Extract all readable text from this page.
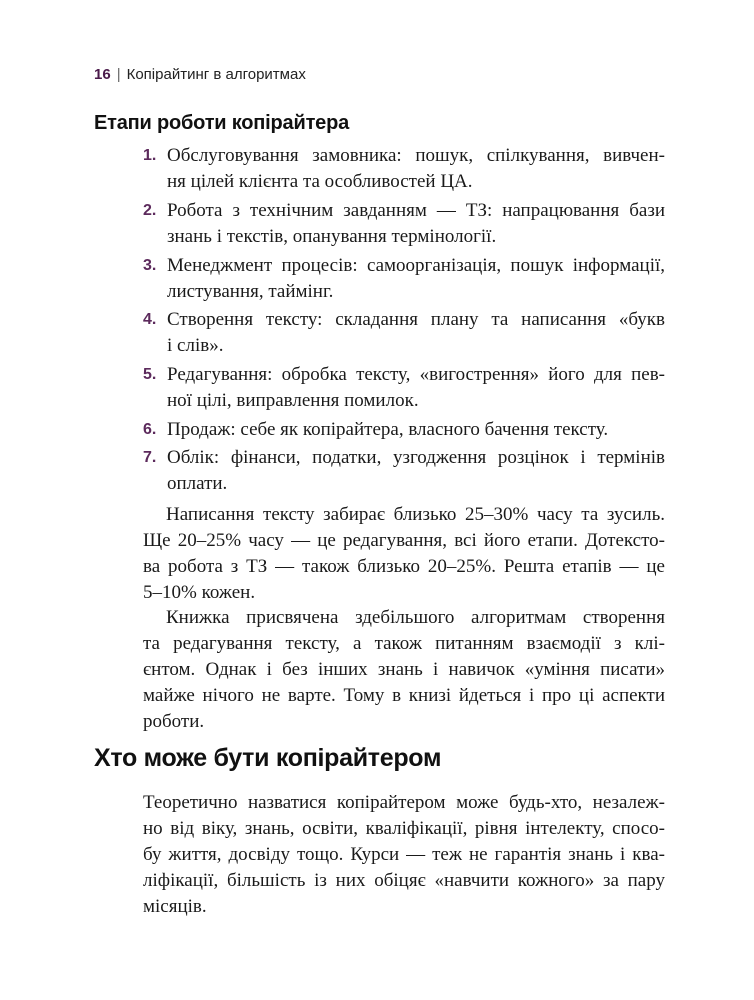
16 | Копірайтинг в алгоритмах
Етапи роботи копірайтера
1. Обслуговування замовника: пошук, спілкування, вивчен-
ня цілей клієнта та особливостей ЦА.
2. Робота з технічним завданням — ТЗ: напрацювання бази
знань і текстів, опанування термінології.
3. Менеджмент процесів: самоорганізація, пошук інформації,
листування, таймінг.
4. Створення тексту: складання плану та написання «букв
і слів».
5. Редагування: обробка тексту, «вигострення» його для пев-
ної цілі, виправлення помилок.
6. Продаж: себе як копірайтера, власного бачення тексту.
7. Облік: фінанси, податки, узгодження розцінок і термінів
оплати.
Написання тексту забирає близько 25–30% часу та зусиль.
Ще 20–25% часу — це редагування, всі його етапи. Дотексто-
ва робота з ТЗ — також близько 20–25%. Решта етапів — це
5–10% кожен.
Книжка присвячена здебільшого алгоритмам створення
та редагування тексту, а також питанням взаємодії з клі-
єнтом. Однак і без інших знань і навичок «уміння писати»
майже нічого не варте. Тому в книзі йдеться і про ці аспекти
роботи.
Хто може бути копірайтером
Теоретично назватися копірайтером може будь-хто, незалеж-
но від віку, знань, освіти, кваліфікації, рівня інтелекту, спосо-
бу життя, досвіду тощо. Курси — теж не гарантія знань і ква-
ліфікації, більшість із них обіцяє «навчити кожного» за пару
місяців.
